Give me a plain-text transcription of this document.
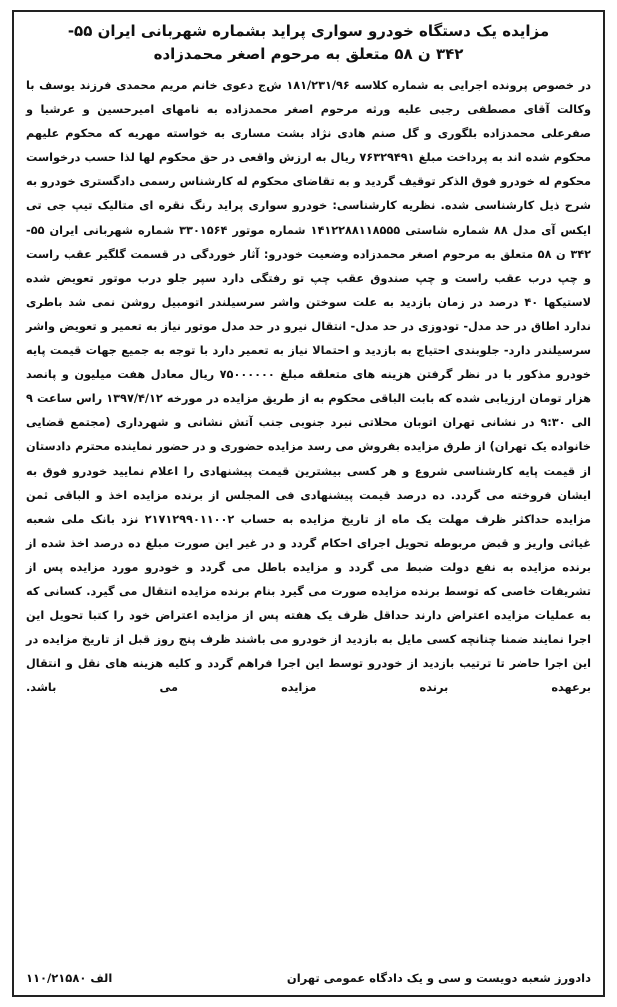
مزایده یک دستگاه خودرو سواری پراید بشماره شهربانی ایران ۵۵-
۳۴۲ ن ۵۸ متعلق به مرحوم اصغر محمدزاده

در خصوص پرونده اجرایی به شماره کلاسه ۱۸۱/۲۳۱/۹۶ ش‌ج دعوی خانم مریم محمدی فرزند یوسف با وکالت آقای مصطفی رجبی علیه ورثه مرحوم اصغر محمدزاده به نامهای امیرحسین و عرشیا و صفرعلی محمدزاده بلگوری و گل صنم هادی نژاد بشت مساری به خواسته مهریه که محکوم علیهم محکوم شده اند به پرداخت مبلغ ۷۶۳۲۹۴۹۱ ریال به ارزش واقعی در حق محکوم لها لذا حسب درخواست محکوم له خودرو فوق الذکر توقیف گردید و به تقاضای محکوم له کارشناس رسمی دادگستری خودرو به شرح ذیل کارشناسی شده. نظریه کارشناسی: خودرو سواری پراید رنگ نقره ای متالیک تیپ جی تی ایکس آی مدل ۸۸ شماره شاستی ۱۴۱۲۲۸۸۱۱۸۵۵۵ شماره موتور ۳۳۰۱۵۶۴ شماره شهربانی ایران ۵۵- ۳۴۲ ن ۵۸ متعلق به مرحوم اصغر محمدزاده وضعیت خودرو: آثار خوردگی در قسمت گلگیر عقب راست و چپ درب عقب راست و چپ صندوق عقب چپ تو رفتگی دارد سپر جلو درب موتور تعویض شده لاستیکها ۴۰ درصد در زمان بازدید به علت سوختن واشر سرسیلندر اتومبیل روشن نمی شد باطری ندارد اطاق در حد مدل- تودوزی در حد مدل- انتقال نیرو در حد مدل موتور نیاز به تعمیر و تعویض واشر سرسیلندر دارد- جلوبندی احتیاج به بازدید و احتمالا نیاز به تعمیر دارد با توجه به جمیع جهات قیمت پایه خودرو مذکور با در نظر گرفتن هزینه های متعلقه مبلغ ۷۵۰۰۰۰۰۰ ریال معادل هفت میلیون و پانصد هزار تومان ارزیابی شده که بابت الباقی محکوم به از طریق مزایده در مورخه ۱۳۹۷/۴/۱۲ راس ساعت ۹ الی ۹:۳۰ در نشانی تهران اتوبان محلاتی نبرد جنوبی جنب آتش نشانی و شهرداری (مجتمع قضایی خانواده یک تهران) از طرق مزایده بفروش می رسد مزایده حضوری و در حضور نماینده محترم دادستان از قیمت پایه کارشناسی شروع و هر کسی بیشترین قیمت پیشنهادی را اعلام نمایید خودرو فوق به ایشان فروخته می گردد. ده درصد قیمت پیشنهادی فی المجلس از برنده مزایده اخذ و الباقی ثمن مزایده حداکثر ظرف مهلت یک ماه از تاریخ مزایده به حساب ۲۱۷۱۲۹۹۰۱۱۰۰۲ نزد بانک ملی شعبه غیاثی واریز و قبض مربوطه تحویل اجرای احکام گردد و در غیر این صورت مبلغ ده درصد اخذ شده از برنده مزایده به نفع دولت ضبط می گردد و مزایده باطل می گردد و خودرو مورد مزایده پس از تشریفات خاصی که توسط برنده مزایده صورت می گیرد بنام برنده مزایده انتقال می گیرد. کسانی که به عملیات مزایده اعتراض دارند حداقل ظرف یک هفته پس از مزایده اعتراض خود را کتبا تحویل این اجرا نمایند ضمنا چنانچه کسی مایل به بازدید از خودرو می باشند ظرف پنج روز قبل از تاریخ مزایده در این اجرا حاضر تا ترتیب بازدید از خودرو توسط این اجرا فراهم گردد و کلیه هزینه های نقل و انتقال برعهده برنده مزایده می باشد.

دادورز شعبه دویست و سی و یک دادگاه عمومی تهران
۱۱۰/۲۱۵۸۰ الف
